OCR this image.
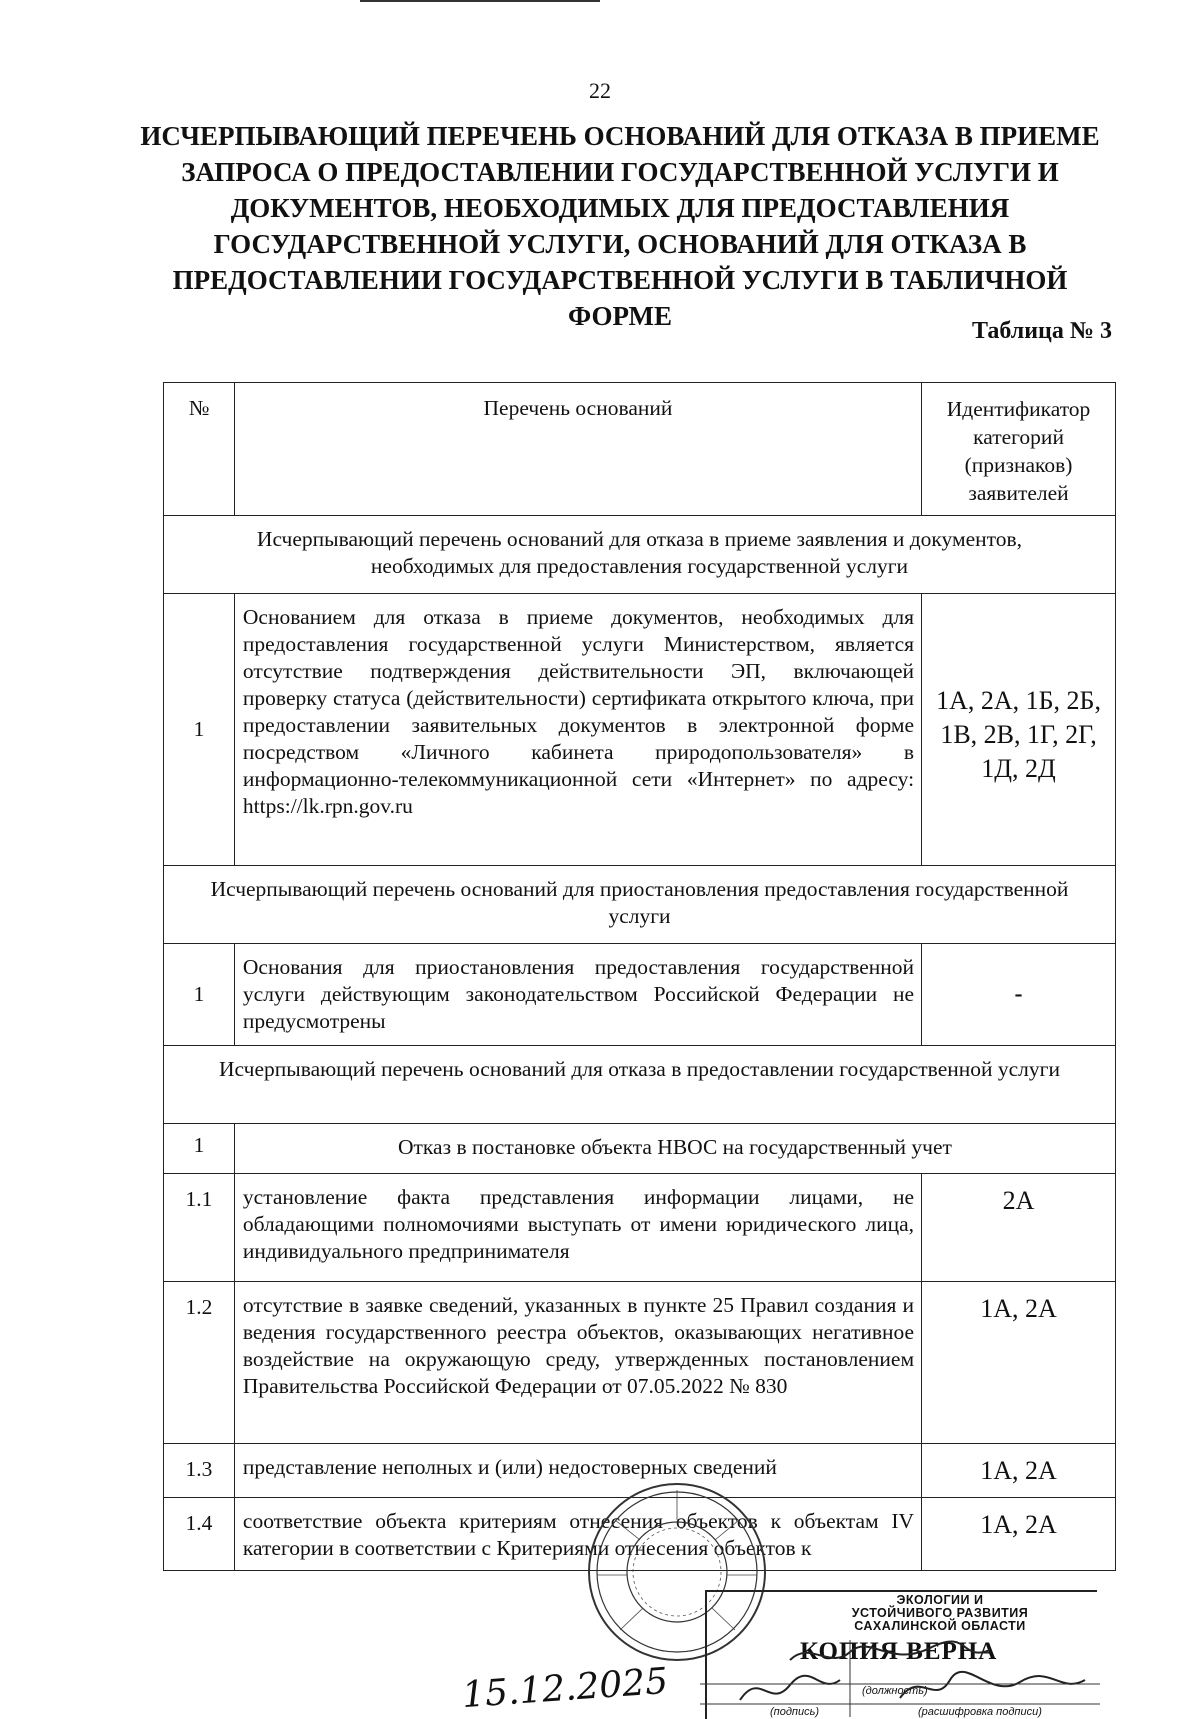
22
ИСЧЕРПЫВАЮЩИЙ ПЕРЕЧЕНЬ ОСНОВАНИЙ ДЛЯ ОТКАЗА В ПРИЕМЕ ЗАПРОСА О ПРЕДОСТАВЛЕНИИ ГОСУДАРСТВЕННОЙ УСЛУГИ И ДОКУМЕНТОВ, НЕОБХОДИМЫХ ДЛЯ ПРЕДОСТАВЛЕНИЯ ГОСУДАРСТВЕННОЙ УСЛУГИ, ОСНОВАНИЙ ДЛЯ ОТКАЗА В ПРЕДОСТАВЛЕНИИ ГОСУДАРСТВЕННОЙ УСЛУГИ В ТАБЛИЧНОЙ ФОРМЕ	Таблица № 3
№	Перечень оснований	Идентификатор категорий (признаков) заявителей
Исчерпывающий перечень оснований для отказа в приеме заявления и документов, необходимых для предоставления государственной услуги		
1	Основанием для отказа в приеме документов, необходимых для предоставления государственной услуги Министерством, является отсутствие подтверждения действительности ЭП, включающей проверку статуса (действительности) сертификата открытого ключа, при предоставлении заявительных документов в электронной форме посредством «Личного кабинета природопользователя» в информационно-телекоммуникационной сети «Интернет» по адресу: https://lk.rpn.gov.ru	1А, 2А, 1Б, 2Б, 1В, 2В, 1Г, 2Г, 1Д, 2Д
Исчерпывающий перечень оснований для приостановления предоставления государственной услуги		
1	Основания для приостановления предоставления государственной услуги действующим законодательством Российской Федерации не предусмотрены	-
Исчерпывающий перечень оснований для отказа в предоставлении государственной услуги		
1	Отказ в постановке объекта НВОС на государственный учет	
1.1	установление факта представления информации лицами, не обладающими полномочиями выступать от имени юридического лица, индивидуального предпринимателя	2А
1.2	отсутствие в заявке сведений, указанных в пункте 25 Правил создания и ведения государственного реестра объектов, оказывающих негативное воздействие на окружающую среду, утвержденных постановлением Правительства Российской Федерации от 07.05.2022 № 830	1А, 2А
1.3	представление неполных и (или) недостоверных сведений	1А, 2А
1.4	соответствие объекта критериям отнесения объектов к объектам IV категории в соответствии с Критериями отнесения объектов к	1А, 2А
ЭКОЛОГИИ И
УСТОЙЧИВОГО РАЗВИТИЯ
САХАЛИНСКОЙ ОБЛАСТИ
КОПИЯ ВЕРНА
(должность)
(подпись)	(расшифровка подписи)
15.12.2025
